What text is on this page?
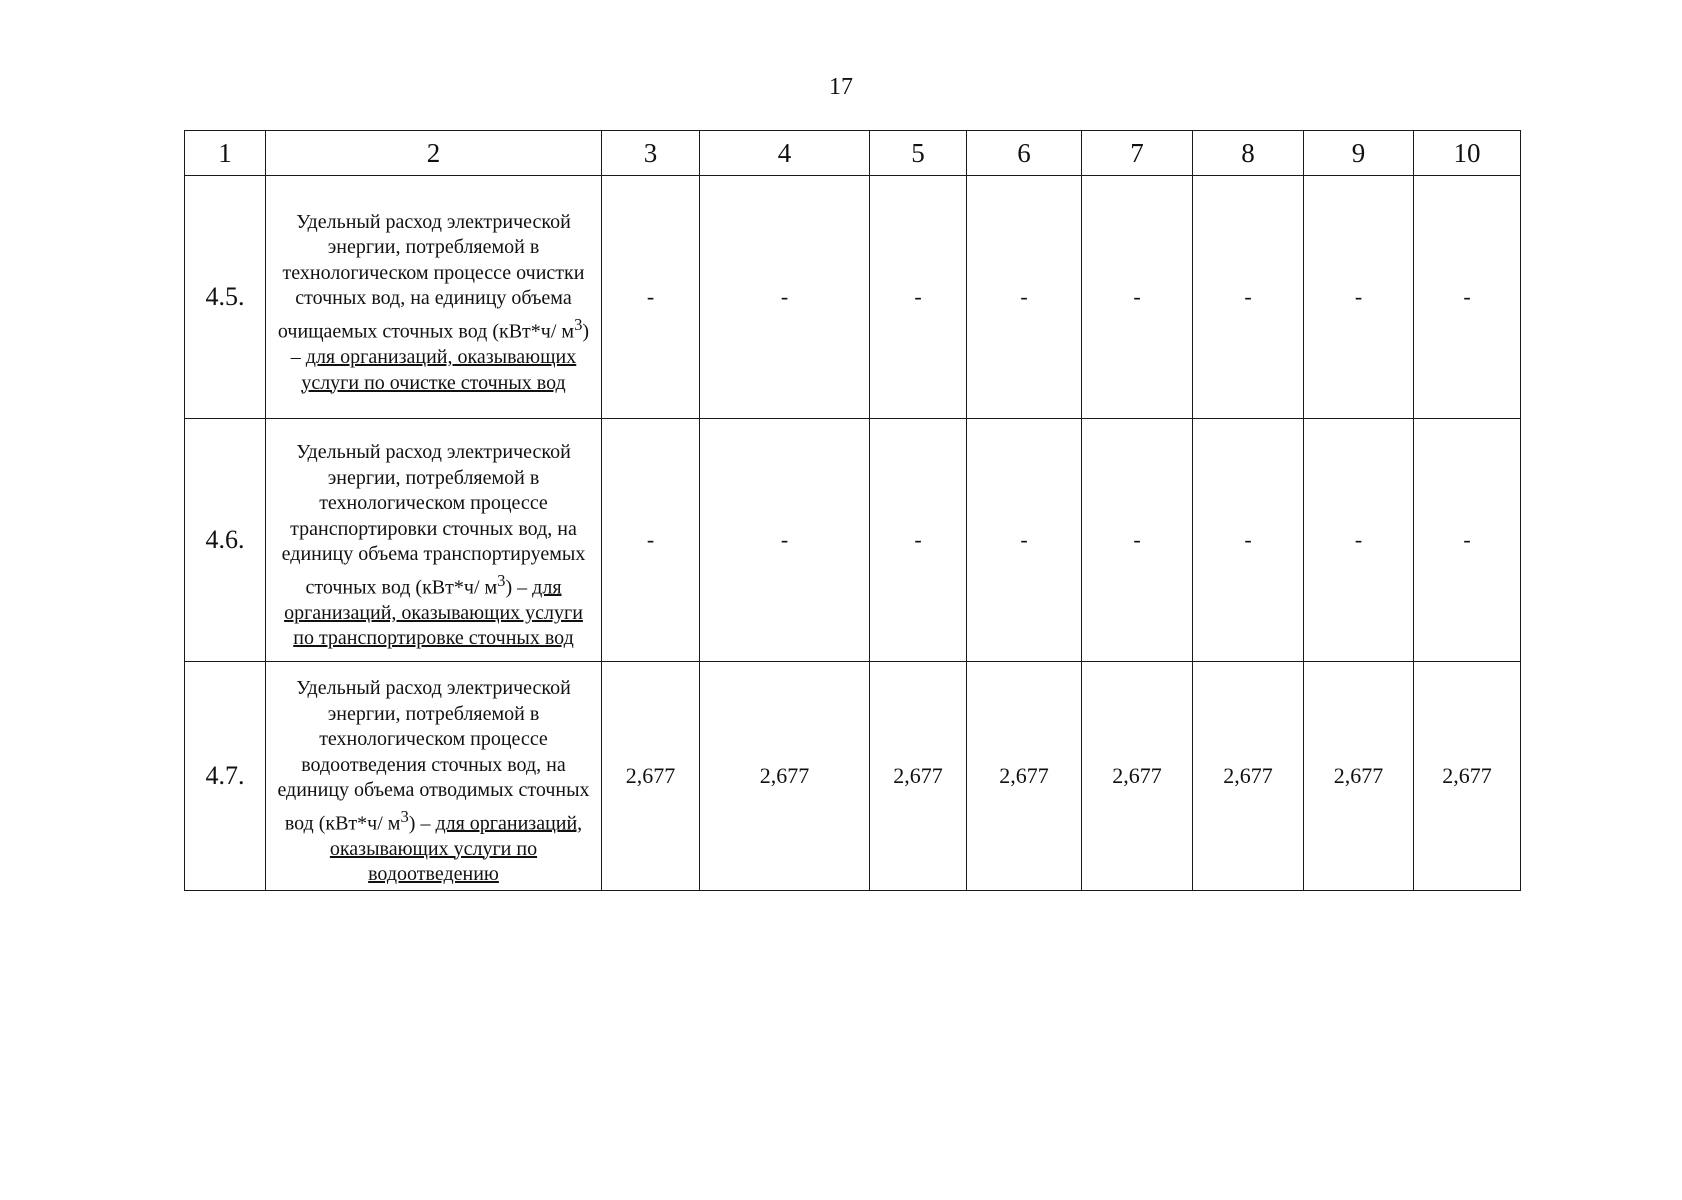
17
1	2	3	4	5	6	7	8	9	10
4.5.	Удельный расход электрической энергии, потребляемой в технологическом процессе очистки сточных вод, на единицу объема очищаемых сточных вод (кВт*ч/ $м^3$) – для организаций, оказывающих услуги по очистке сточных вод	-	-	-	-	-	-	-	-
4.6.	Удельный расход электрической энергии, потребляемой в технологическом процессе транспортировки сточных вод, на единицу объема транспортируемых сточных вод (кВт*ч/ $м^3$) – для организаций, оказывающих услуги по транспортировке сточных вод	-	-	-	-	-	-	-	-
4.7.	Удельный расход электрической энергии, потребляемой в технологическом процессе водоотведения сточных вод, на единицу объема отводимых сточных вод (кВт*ч/ $м^3$) – для организаций, оказывающих услуги по водоотведению	2,677	2,677	2,677	2,677	2,677	2,677	2,677	2,677
